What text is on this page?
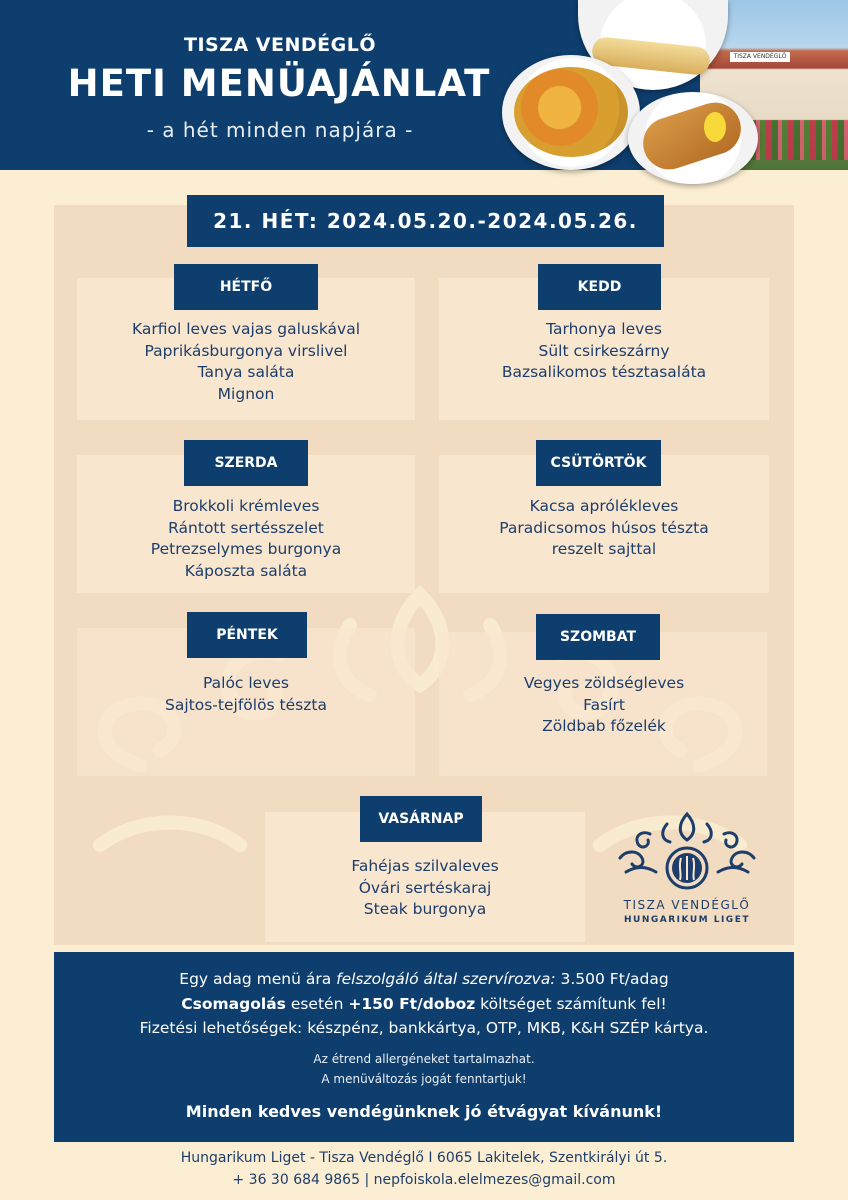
TISZA VENDÉGLŐ
HETI MENÜAJÁNLAT
- a hét minden napjára -
TISZA VENDÉGLŐ
21. HÉT: 2024.05.20.-2024.05.26.
HÉTFŐ
Karfiol leves vajas galuskával
Paprikásburgonya virslivel
Tanya saláta
Mignon
KEDD
Tarhonya leves
Sült csirkeszárny
Bazsalikomos tésztasaláta
SZERDA
Brokkoli krémleves
Rántott sertésszelet
Petrezselymes burgonya
Káposzta saláta
CSÜTÖRTÖK
Kacsa aprólékleves
Paradicsomos húsos tészta
reszelt sajttal
PÉNTEK
Palóc leves
Sajtos-tejfölös tészta
SZOMBAT
Vegyes zöldségleves
Fasírt
Zöldbab főzelék
VASÁRNAP
Fahéjas szilvaleves
Óvári sertéskaraj
Steak burgonya	TISZA VENDÉGLŐ
HUNGARIKUM LIGET
Egy adag menü ára felszolgáló által szervírozva: 3.500 Ft/adag
Csomagolás esetén +150 Ft/doboz költséget számítunk fel!
Fizetési lehetőségek: készpénz, bankkártya, OTP, MKB, K&H SZÉP kártya.
Az étrend allergéneket tartalmazhat.
A menüváltozás jogát fenntartjuk!
Minden kedves vendégünknek jó étvágyat kívánunk!
Hungarikum Liget - Tisza Vendéglő I 6065 Lakitelek, Szentkirályi út 5.
+ 36 30 684 9865 | nepfoiskola.elelmezes@gmail.com
